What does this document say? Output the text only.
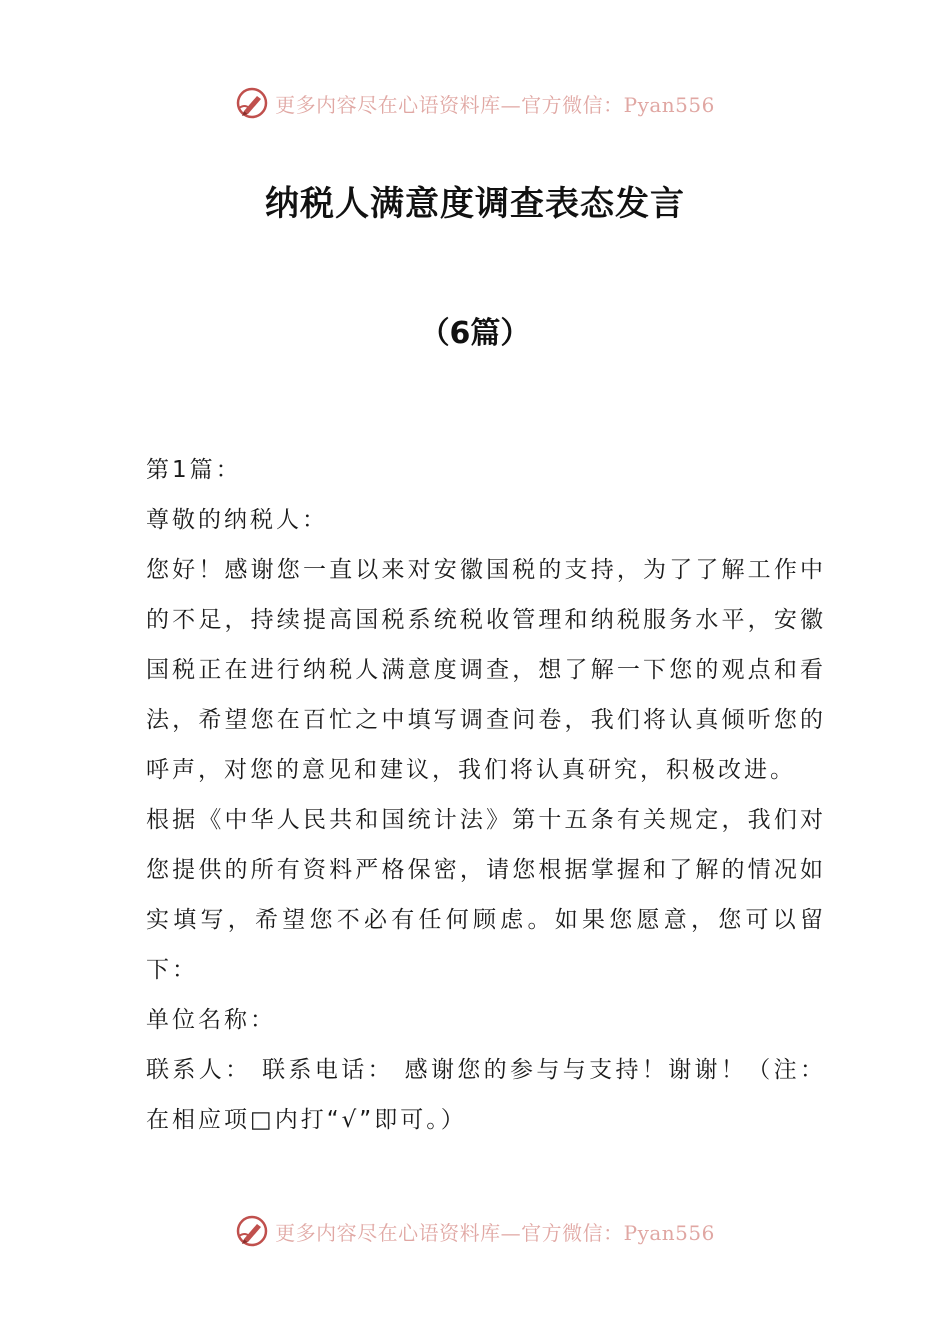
更多内容尽在心语资料库—官方微信：Pyan556
纳税人满意度调查表态发言
（6篇）

第1篇：

尊敬的纳税人：

您好！感谢您一直以来对安徽国税的支持，为了了解工作中的不足，持续提高国税系统税收管理和纳税服务水平，安徽国税正在进行纳税人满意度调查，想了解一下您的观点和看法，希望您在百忙之中填写调查问卷，我们将认真倾听您的呼声，对您的意见和建议，我们将认真研究，积极改进。

根据《中华人民共和国统计法》第十五条有关规定，我们对您提供的所有资料严格保密，请您根据掌握和了解的情况如实填写，希望您不必有任何顾虑。如果您愿意，您可以留下：

单位名称：

联系人： 联系电话： 感谢您的参与与支持！谢谢！（注：在相应项□内打“√”即可。）

更多内容尽在心语资料库—官方微信：Pyan556
